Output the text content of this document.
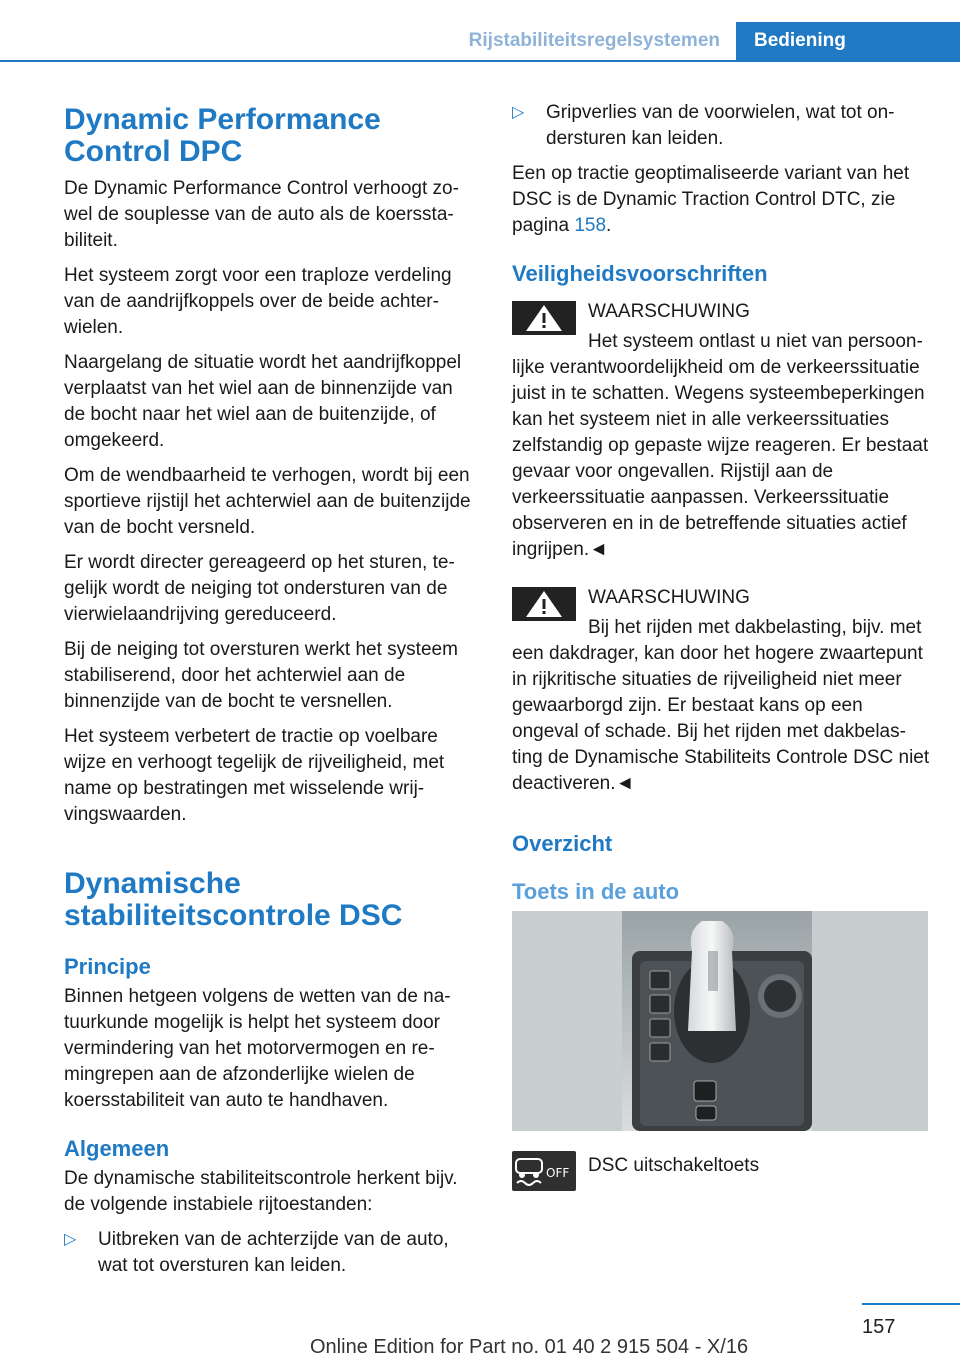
Rijstabiliteitsregelsystemen Bediening
Dynamic Performance Control DPC

De Dynamic Performance Control verhoogt zowel de souplesse van de auto als de koersstabiliteit.

Het systeem zorgt voor een traploze verdeling van de aandrijfkoppels over de beide achterwielen.

Naargelang de situatie wordt het aandrijfkoppel verplaatst van het wiel aan de binnenzijde van de bocht naar het wiel aan de buitenzijde, of omgekeerd.

Om de wendbaarheid te verhogen, wordt bij een sportieve rijstijl het achterwiel aan de buitenzijde van de bocht versneld.

Er wordt directer gereageerd op het sturen, tegelijk wordt de neiging tot ondersturen van de vierwielaandrijving gereduceerd.

Bij de neiging tot oversturen werkt het systeem stabiliserend, door het achterwiel aan de binnenzijde van de bocht te versnellen.

Het systeem verbetert de tractie op voelbare wijze en verhoogt tegelijk de rijveiligheid, met name op bestratingen met wisselende wrijvingswaarden.

Dynamische stabiliteitscontrole DSC
Principe

Binnen hetgeen volgens de wetten van de natuurkunde mogelijk is helpt het systeem door vermindering van het motorvermogen en remingrepen aan de afzonderlijke wielen de koersstabiliteit van auto te handhaven.

Algemeen

De dynamische stabiliteitscontrole herkent bijv. de volgende instabiele rijtoestanden:

▷ Uitbreken van de achterzijde van de auto, wat tot oversturen kan leiden.
▷ Gripverlies van de voorwielen, wat tot ondersturen kan leiden.

Een op tractie geoptimaliseerde variant van het DSC is de Dynamic Traction Control DTC, zie pagina 158.

Veiligheidsvoorschriften
WAARSCHUWING
Het systeem ontlast u niet van persoonlijke verantwoordelijkheid om de verkeerssituatie juist in te schatten. Wegens systeembeperkingen kan het systeem niet in alle verkeerssituaties zelfstandig op gepaste wijze reageren. Er bestaat gevaar voor ongevallen. Rijstijl aan de verkeerssituatie aanpassen. Verkeerssituatie observeren en in de betreffende situaties actief ingrijpen.◄
WAARSCHUWING
Bij het rijden met dakbelasting, bijv. met een dakdrager, kan door het hogere zwaartepunt in rijkritische situaties de rijveiligheid niet meer gewaarborgd zijn. Er bestaat kans op een ongeval of schade. Bij het rijden met dakbelasting de Dynamische Stabiliteits Controle DSC niet deactiveren.◄
Overzicht
Toets in de auto
OFF DSC uitschakeltoets
157
Online Edition for Part no. 01 40 2 915 504 - X/16
